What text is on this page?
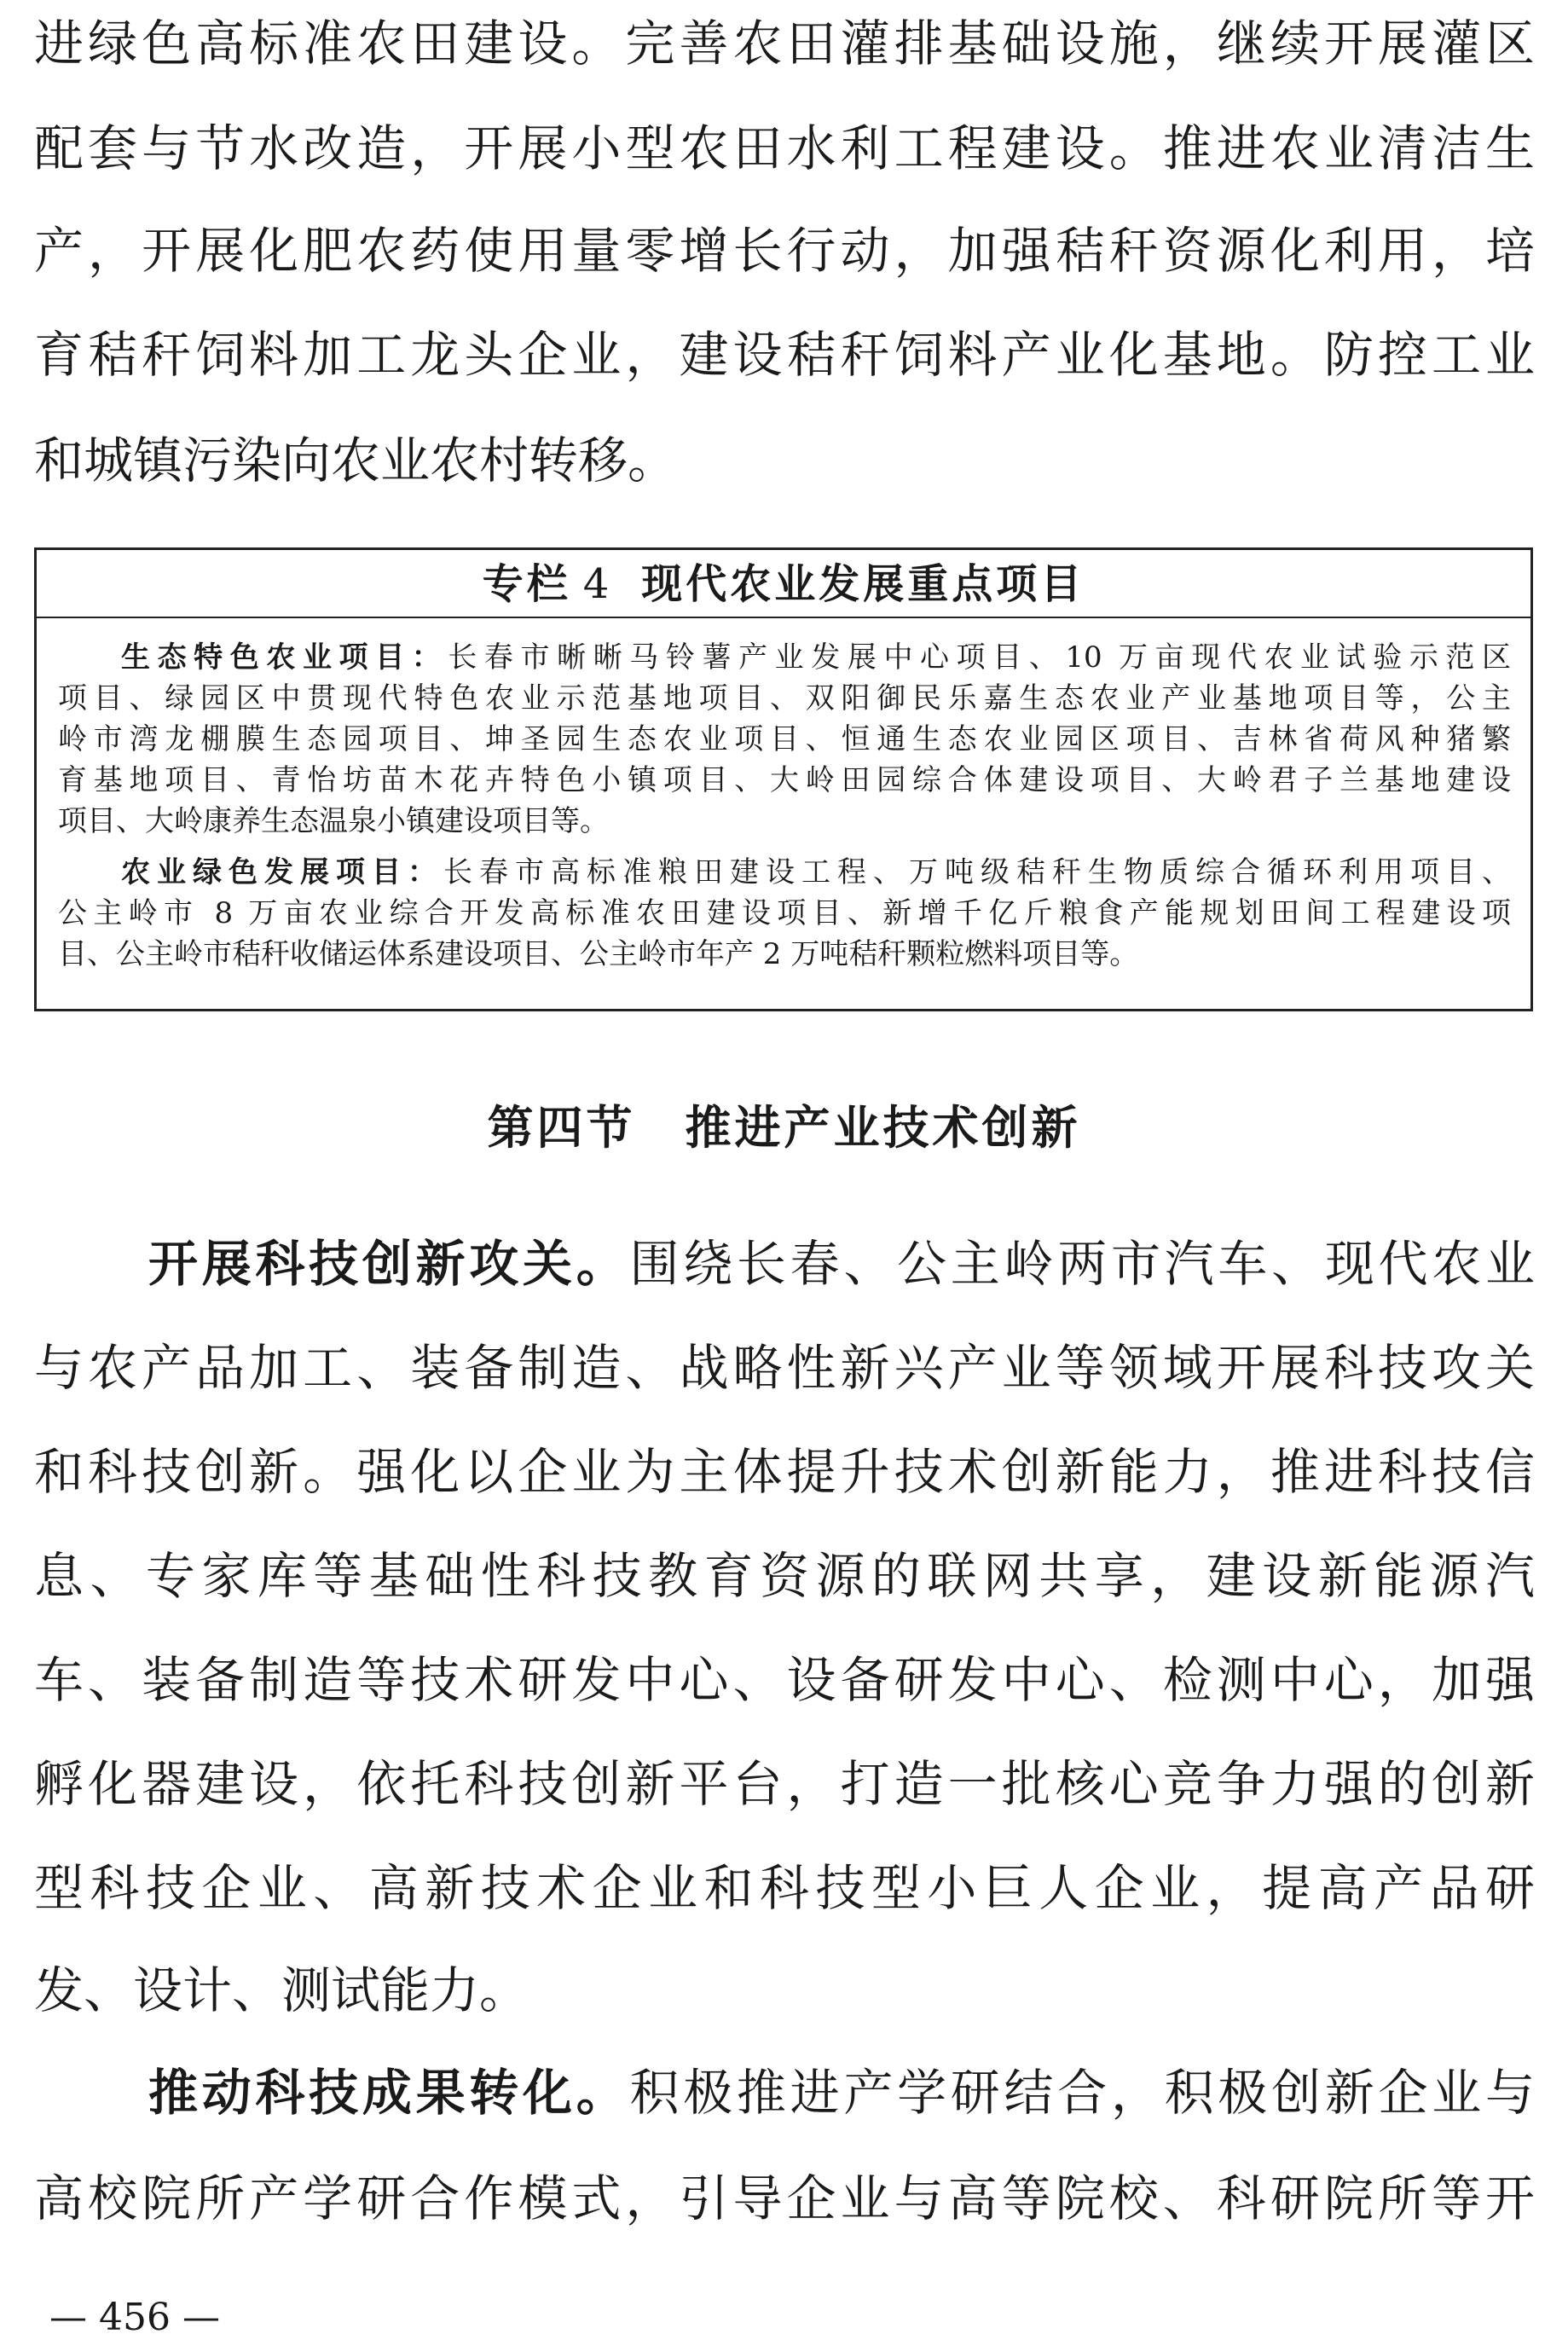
进绿色高标准农田建设。完善农田灌排基础设施，继续开展灌区
配套与节水改造，开展小型农田水利工程建设。推进农业清洁生
产，开展化肥农药使用量零增长行动，加强秸秆资源化利用，培
育秸秆饲料加工龙头企业，建设秸秆饲料产业化基地。防控工业
和城镇污染向农业农村转移。
专栏 4 现代农业发展重点项目
生态特色农业项目：长春市晰晰马铃薯产业发展中心项目、10 万亩现代农业试验示范区
项目、绿园区中贯现代特色农业示范基地项目、双阳御民乐嘉生态农业产业基地项目等，公主
岭市湾龙棚膜生态园项目、坤圣园生态农业项目、恒通生态农业园区项目、吉林省荷风种猪繁
育基地项目、青怡坊苗木花卉特色小镇项目、大岭田园综合体建设项目、大岭君子兰基地建设
项目、大岭康养生态温泉小镇建设项目等。
农业绿色发展项目：长春市高标准粮田建设工程、万吨级秸秆生物质综合循环利用项目、
公主岭市 8 万亩农业综合开发高标准农田建设项目、新增千亿斤粮食产能规划田间工程建设项
目、公主岭市秸秆收储运体系建设项目、公主岭市年产 2 万吨秸秆颗粒燃料项目等。
第四节　推进产业技术创新
开展科技创新攻关。围绕长春、公主岭两市汽车、现代农业
与农产品加工、装备制造、战略性新兴产业等领域开展科技攻关
和科技创新。强化以企业为主体提升技术创新能力，推进科技信
息、专家库等基础性科技教育资源的联网共享，建设新能源汽
车、装备制造等技术研发中心、设备研发中心、检测中心，加强
孵化器建设，依托科技创新平台，打造一批核心竞争力强的创新
型科技企业、高新技术企业和科技型小巨人企业，提高产品研
发、设计、测试能力。
推动科技成果转化。积极推进产学研结合，积极创新企业与
高校院所产学研合作模式，引导企业与高等院校、科研院所等开
— 456 —
